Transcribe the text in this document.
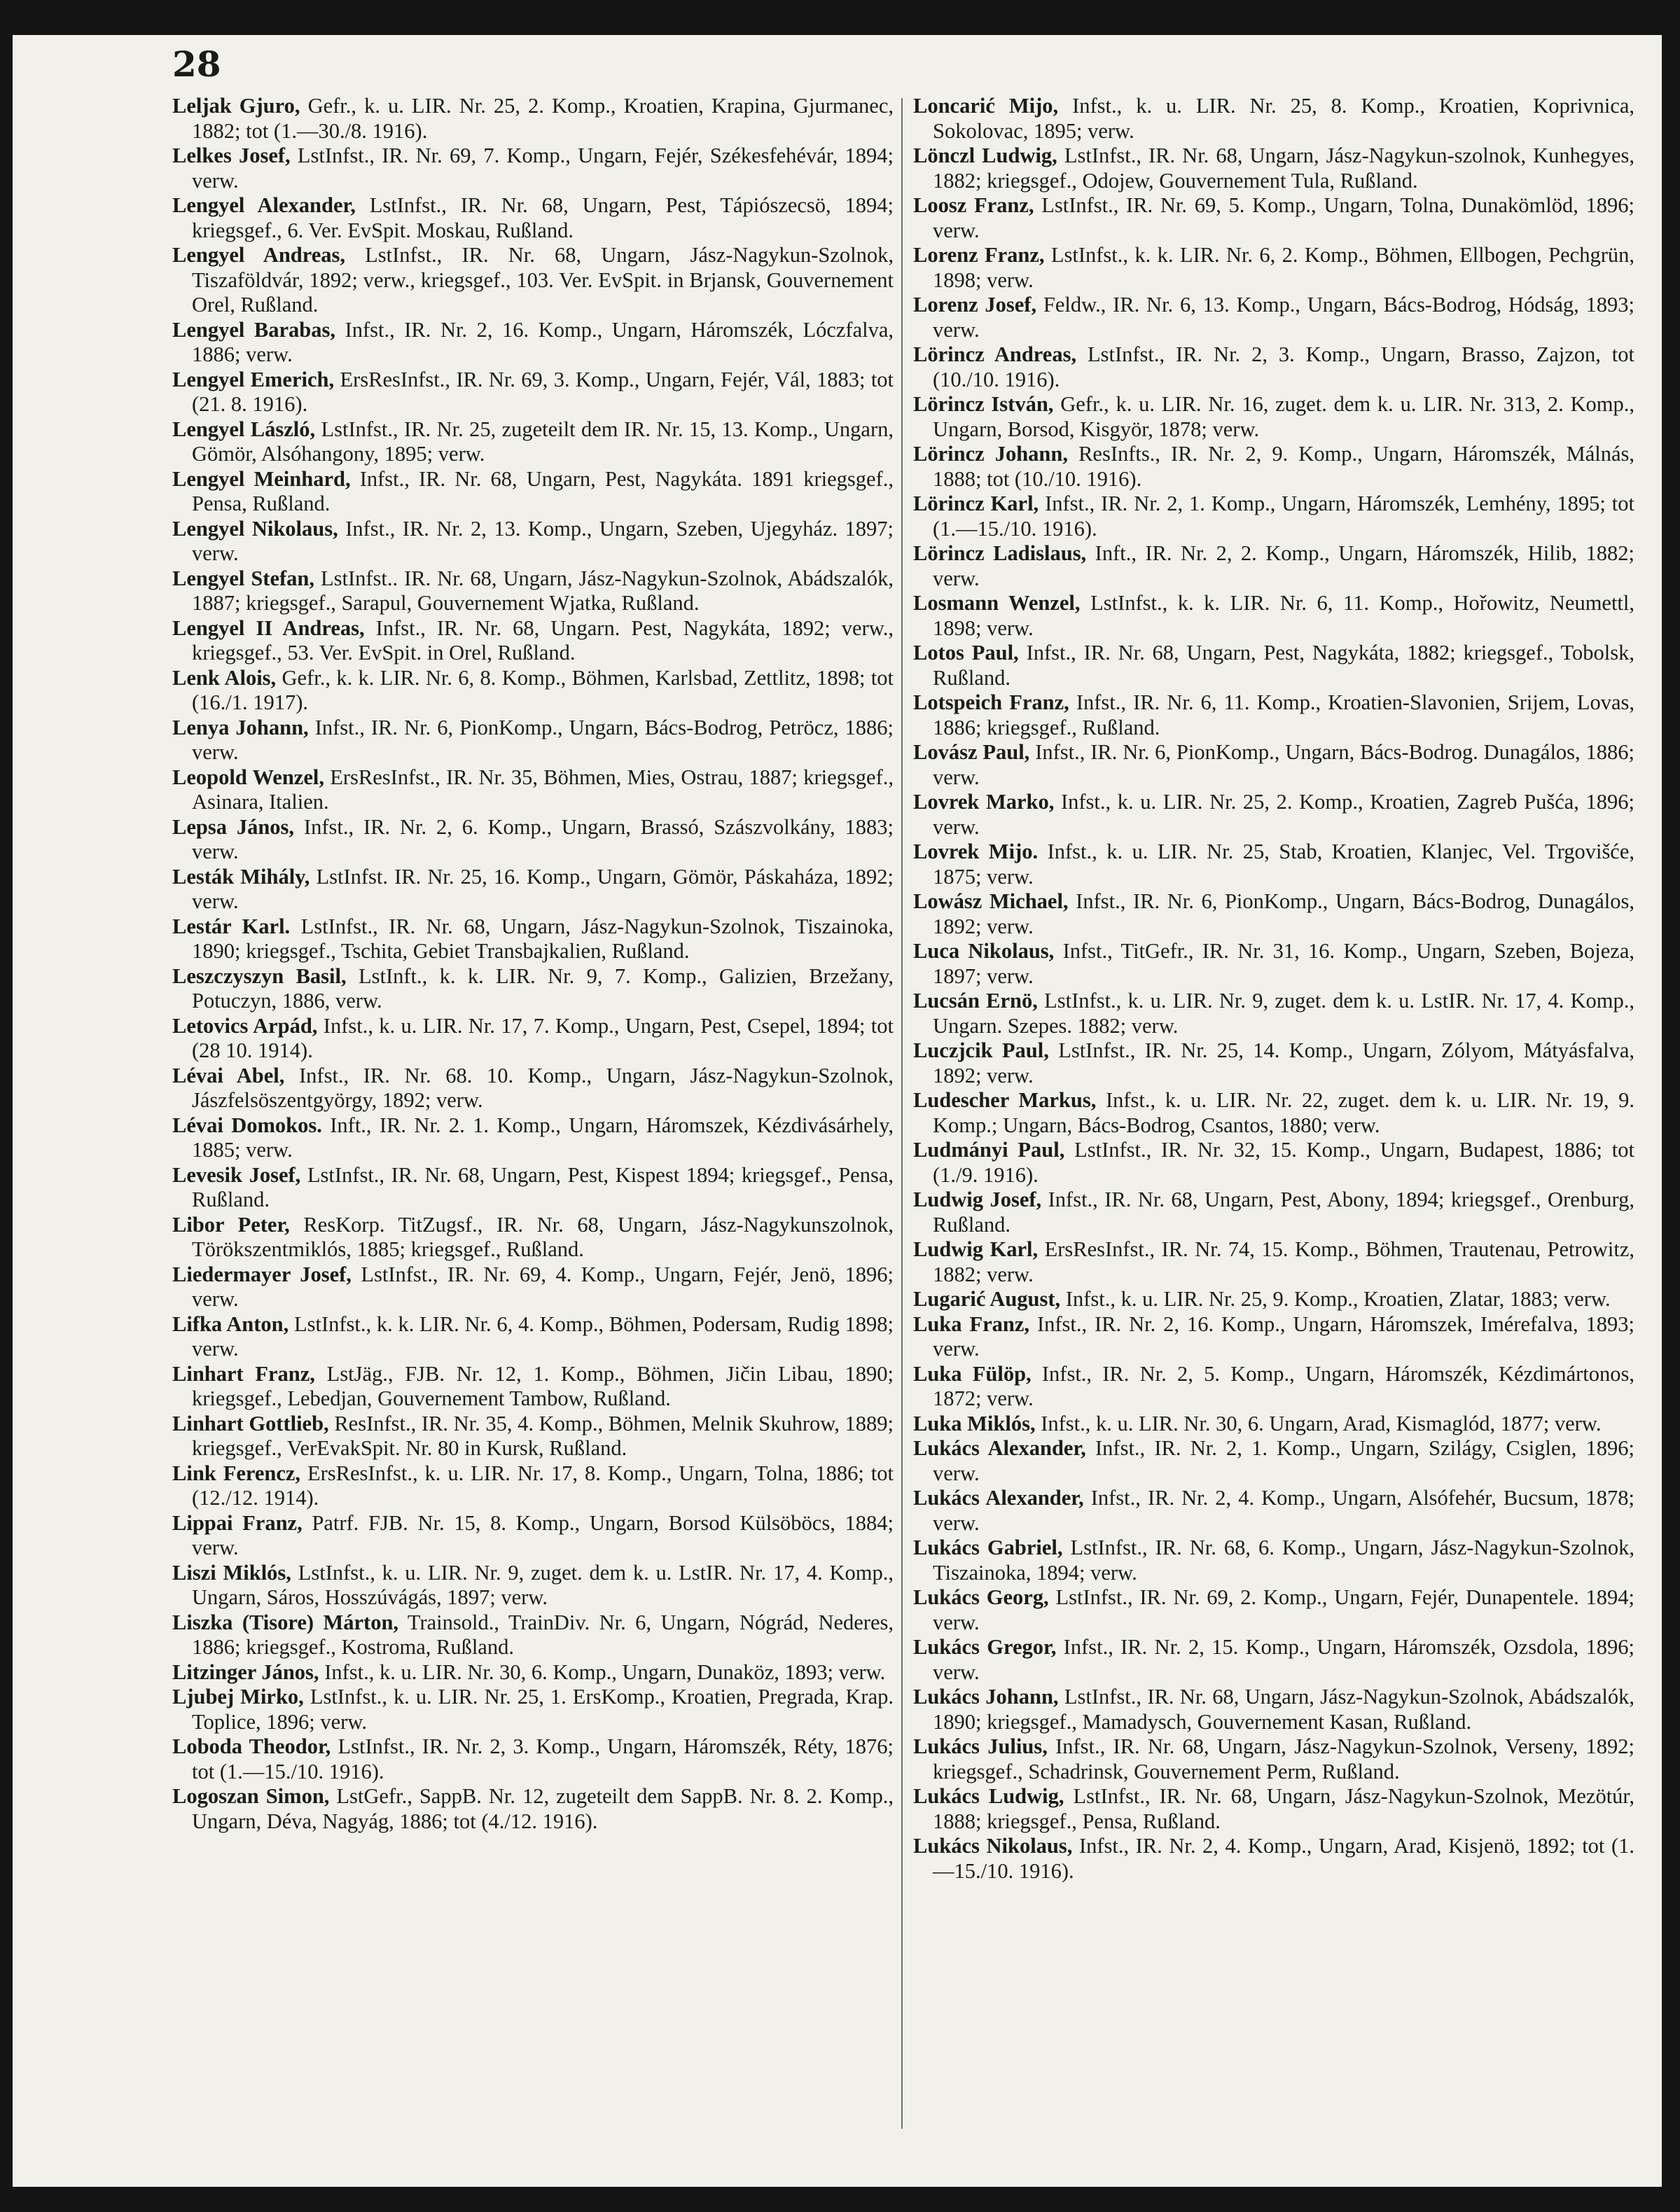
28

Leljak Gjuro, Gefr., k. u. LIR. Nr. 25, 2. Komp., Kroatien, Krapina, Gjurmanec, 1882; tot (1.—30./8. 1916).

Lelkes Josef, LstInfst., IR. Nr. 69, 7. Komp., Ungarn, Fejér, Székesfehévár, 1894; verw.

Lengyel Alexander, LstInfst., IR. Nr. 68, Ungarn, Pest, Tápiószecsö, 1894; kriegsgef., 6. Ver. EvSpit. Moskau, Rußland.

Lengyel Andreas, LstInfst., IR. Nr. 68, Ungarn, Jász-Nagykun-Szolnok, Tiszaföldvár, 1892; verw., kriegsgef., 103. Ver. EvSpit. in Brjansk, Gouvernement Orel, Rußland.

Lengyel Barabas, Infst., IR. Nr. 2, 16. Komp., Ungarn, Háromszék, Lóczfalva, 1886; verw.

Lengyel Emerich, ErsResInfst., IR. Nr. 69, 3. Komp., Ungarn, Fejér, Vál, 1883; tot (21. 8. 1916).

Lengyel László, LstInfst., IR. Nr. 25, zugeteilt dem IR. Nr. 15, 13. Komp., Ungarn, Gömör, Alsóhangony, 1895; verw.

Lengyel Meinhard, Infst., IR. Nr. 68, Ungarn, Pest, Nagykáta. 1891 kriegsgef., Pensa, Rußland.

Lengyel Nikolaus, Infst., IR. Nr. 2, 13. Komp., Ungarn, Szeben, Ujegyház. 1897; verw.

Lengyel Stefan, LstInfst.. IR. Nr. 68, Ungarn, Jász-Nagykun-Szolnok, Abádszalók, 1887; kriegsgef., Sarapul, Gouvernement Wjatka, Rußland.

Lengyel II Andreas, Infst., IR. Nr. 68, Ungarn. Pest, Nagykáta, 1892; verw., kriegsgef., 53. Ver. EvSpit. in Orel, Rußland.

Lenk Alois, Gefr., k. k. LIR. Nr. 6, 8. Komp., Böhmen, Karlsbad, Zettlitz, 1898; tot (16./1. 1917).

Lenya Johann, Infst., IR. Nr. 6, PionKomp., Ungarn, Bács-Bodrog, Petröcz, 1886; verw.

Leopold Wenzel, ErsResInfst., IR. Nr. 35, Böhmen, Mies, Ostrau, 1887; kriegsgef., Asinara, Italien.

Lepsa János, Infst., IR. Nr. 2, 6. Komp., Ungarn, Brassó, Szászvolkány, 1883; verw.

Lesták Mihály, LstInfst. IR. Nr. 25, 16. Komp., Ungarn, Gömör, Páskaháza, 1892; verw.

Lestár Karl. LstInfst., IR. Nr. 68, Ungarn, Jász-Nagykun-Szolnok, Tiszainoka, 1890; kriegsgef., Tschita, Gebiet Transbajkalien, Rußland.

Leszczyszyn Basil, LstInft., k. k. LIR. Nr. 9, 7. Komp., Galizien, Brzežany, Potuczyn, 1886, verw.

Letovics Arpád, Infst., k. u. LIR. Nr. 17, 7. Komp., Ungarn, Pest, Csepel, 1894; tot (28 10. 1914).

Lévai Abel, Infst., IR. Nr. 68. 10. Komp., Ungarn, Jász-Nagykun-Szolnok, Jászfelsöszentgyörgy, 1892; verw.

Lévai Domokos. Inft., IR. Nr. 2. 1. Komp., Ungarn, Háromszek, Kézdivásárhely, 1885; verw.

Levesik Josef, LstInfst., IR. Nr. 68, Ungarn, Pest, Kispest 1894; kriegsgef., Pensa, Rußland.

Libor Peter, ResKorp. TitZugsf., IR. Nr. 68, Ungarn, Jász-Nagykunszolnok, Törökszentmiklós, 1885; kriegsgef., Rußland.

Liedermayer Josef, LstInfst., IR. Nr. 69, 4. Komp., Ungarn, Fejér, Jenö, 1896; verw.

Lifka Anton, LstInfst., k. k. LIR. Nr. 6, 4. Komp., Böhmen, Podersam, Rudig 1898; verw.

Linhart Franz, LstJäg., FJB. Nr. 12, 1. Komp., Böhmen, Jičin Libau, 1890; kriegsgef., Lebedjan, Gouvernement Tambow, Rußland.

Linhart Gottlieb, ResInfst., IR. Nr. 35, 4. Komp., Böhmen, Melnik Skuhrow, 1889; kriegsgef., VerEvakSpit. Nr. 80 in Kursk, Rußland.

Link Ferencz, ErsResInfst., k. u. LIR. Nr. 17, 8. Komp., Ungarn, Tolna, 1886; tot (12./12. 1914).

Lippai Franz, Patrf. FJB. Nr. 15, 8. Komp., Ungarn, Borsod Külsöböcs, 1884; verw.

Liszi Miklós, LstInfst., k. u. LIR. Nr. 9, zuget. dem k. u. LstIR. Nr. 17, 4. Komp., Ungarn, Sáros, Hosszúvágás, 1897; verw.

Liszka (Tisore) Márton, Trainsold., TrainDiv. Nr. 6, Ungarn, Nógrád, Nederes, 1886; kriegsgef., Kostroma, Rußland.

Litzinger János, Infst., k. u. LIR. Nr. 30, 6. Komp., Ungarn, Dunaköz, 1893; verw.

Ljubej Mirko, LstInfst., k. u. LIR. Nr. 25, 1. ErsKomp., Kroatien, Pregrada, Krap. Toplice, 1896; verw.

Loboda Theodor, LstInfst., IR. Nr. 2, 3. Komp., Ungarn, Háromszék, Réty, 1876; tot (1.—15./10. 1916).

Logoszan Simon, LstGefr., SappB. Nr. 12, zugeteilt dem SappB. Nr. 8. 2. Komp., Ungarn, Déva, Nagyág, 1886; tot (4./12. 1916).

Loncarić Mijo, Infst., k. u. LIR. Nr. 25, 8. Komp., Kroatien, Koprivnica, Sokolovac, 1895; verw.

Lönczl Ludwig, LstInfst., IR. Nr. 68, Ungarn, Jász-Nagykun-szolnok, Kunhegyes, 1882; kriegsgef., Odojew, Gouvernement Tula, Rußland.

Loosz Franz, LstInfst., IR. Nr. 69, 5. Komp., Ungarn, Tolna, Dunakömlöd, 1896; verw.

Lorenz Franz, LstInfst., k. k. LIR. Nr. 6, 2. Komp., Böhmen, Ellbogen, Pechgrün, 1898; verw.

Lorenz Josef, Feldw., IR. Nr. 6, 13. Komp., Ungarn, Bács-Bodrog, Hódság, 1893; verw.

Lörincz Andreas, LstInfst., IR. Nr. 2, 3. Komp., Ungarn, Brasso, Zajzon, tot (10./10. 1916).

Lörincz István, Gefr., k. u. LIR. Nr. 16, zuget. dem k. u. LIR. Nr. 313, 2. Komp., Ungarn, Borsod, Kisgyör, 1878; verw.

Lörincz Johann, ResInfts., IR. Nr. 2, 9. Komp., Ungarn, Háromszék, Málnás, 1888; tot (10./10. 1916).

Lörincz Karl, Infst., IR. Nr. 2, 1. Komp., Ungarn, Háromszék, Lemhény, 1895; tot (1.—15./10. 1916).

Lörincz Ladislaus, Inft., IR. Nr. 2, 2. Komp., Ungarn, Háromszék, Hilib, 1882; verw.

Losmann Wenzel, LstInfst., k. k. LIR. Nr. 6, 11. Komp., Hořowitz, Neumettl, 1898; verw.

Lotos Paul, Infst., IR. Nr. 68, Ungarn, Pest, Nagykáta, 1882; kriegsgef., Tobolsk, Rußland.

Lotspeich Franz, Infst., IR. Nr. 6, 11. Komp., Kroatien-Slavonien, Srijem, Lovas, 1886; kriegsgef., Rußland.

Lovász Paul, Infst., IR. Nr. 6, PionKomp., Ungarn, Bács-Bodrog. Dunagálos, 1886; verw.

Lovrek Marko, Infst., k. u. LIR. Nr. 25, 2. Komp., Kroatien, Zagreb Pušća, 1896; verw.

Lovrek Mijo. Infst., k. u. LIR. Nr. 25, Stab, Kroatien, Klanjec, Vel. Trgovišće, 1875; verw.

Lowász Michael, Infst., IR. Nr. 6, PionKomp., Ungarn, Bács-Bodrog, Dunagálos, 1892; verw.

Luca Nikolaus, Infst., TitGefr., IR. Nr. 31, 16. Komp., Ungarn, Szeben, Bojeza, 1897; verw.

Lucsán Ernö, LstInfst., k. u. LIR. Nr. 9, zuget. dem k. u. LstIR. Nr. 17, 4. Komp., Ungarn. Szepes. 1882; verw.

Luczjcik Paul, LstInfst., IR. Nr. 25, 14. Komp., Ungarn, Zólyom, Mátyásfalva, 1892; verw.

Ludescher Markus, Infst., k. u. LIR. Nr. 22, zuget. dem k. u. LIR. Nr. 19, 9. Komp.; Ungarn, Bács-Bodrog, Csantos, 1880; verw.

Ludmányi Paul, LstInfst., IR. Nr. 32, 15. Komp., Ungarn, Budapest, 1886; tot (1./9. 1916).

Ludwig Josef, Infst., IR. Nr. 68, Ungarn, Pest, Abony, 1894; kriegsgef., Orenburg, Rußland.

Ludwig Karl, ErsResInfst., IR. Nr. 74, 15. Komp., Böhmen, Trautenau, Petrowitz, 1882; verw.

Lugarić August, Infst., k. u. LIR. Nr. 25, 9. Komp., Kroatien, Zlatar, 1883; verw.

Luka Franz, Infst., IR. Nr. 2, 16. Komp., Ungarn, Háromszek, Imérefalva, 1893; verw.

Luka Fülöp, Infst., IR. Nr. 2, 5. Komp., Ungarn, Háromszék, Kézdimártonos, 1872; verw.

Luka Miklós, Infst., k. u. LIR. Nr. 30, 6. Ungarn, Arad, Kismaglód, 1877; verw.

Lukács Alexander, Infst., IR. Nr. 2, 1. Komp., Ungarn, Szilágy, Csiglen, 1896; verw.

Lukács Alexander, Infst., IR. Nr. 2, 4. Komp., Ungarn, Alsófehér, Bucsum, 1878; verw.

Lukács Gabriel, LstInfst., IR. Nr. 68, 6. Komp., Ungarn, Jász-Nagykun-Szolnok, Tiszainoka, 1894; verw.

Lukács Georg, LstInfst., IR. Nr. 69, 2. Komp., Ungarn, Fejér, Dunapentele. 1894; verw.

Lukács Gregor, Infst., IR. Nr. 2, 15. Komp., Ungarn, Háromszék, Ozsdola, 1896; verw.

Lukács Johann, LstInfst., IR. Nr. 68, Ungarn, Jász-Nagykun-Szolnok, Abádszalók, 1890; kriegsgef., Mamadysch, Gouvernement Kasan, Rußland.

Lukács Julius, Infst., IR. Nr. 68, Ungarn, Jász-Nagykun-Szolnok, Verseny, 1892; kriegsgef., Schadrinsk, Gouvernement Perm, Rußland.

Lukács Ludwig, LstInfst., IR. Nr. 68, Ungarn, Jász-Nagykun-Szolnok, Mezötúr, 1888; kriegsgef., Pensa, Rußland.

Lukács Nikolaus, Infst., IR. Nr. 2, 4. Komp., Ungarn, Arad, Kisjenö, 1892; tot (1.—15./10. 1916).
